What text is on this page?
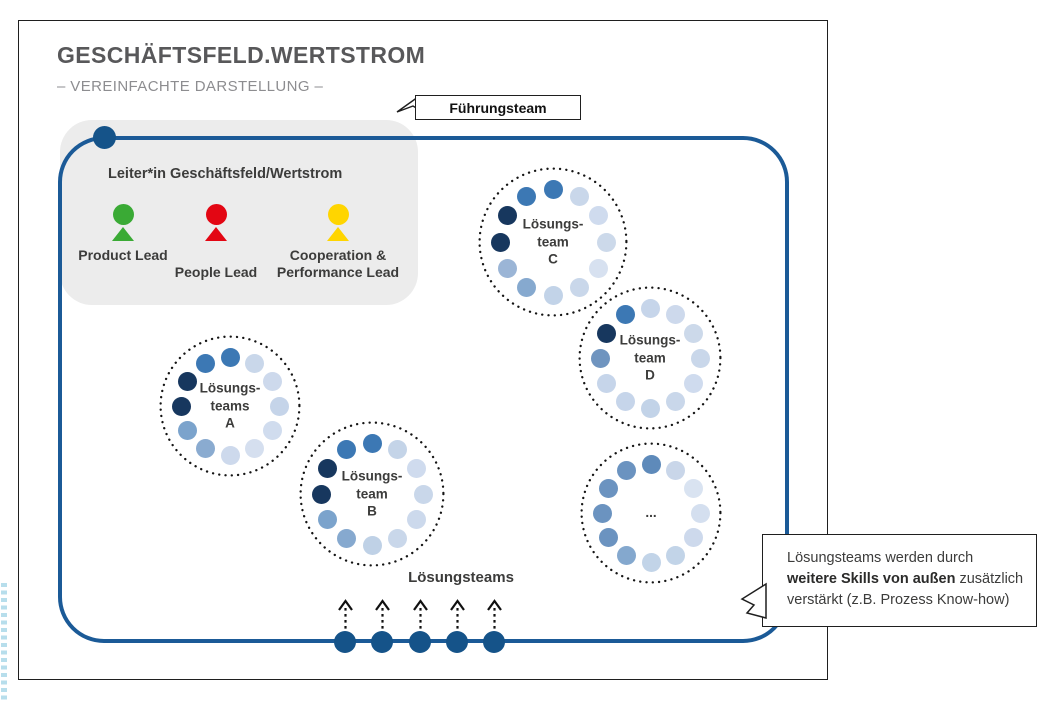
GESCHÄFTSFELD.WERTSTROM
– VEREINFACHTE DARSTELLUNG –
Führungsteam
Leiter*in Geschäftsfeld/Wertstrom
Product Lead
People Lead
Cooperation &
Performance Lead
Lösungs-
teams
A
Lösungs-
team
B
Lösungs-
team
C
Lösungs-
team
D
...
Lösungsteams
Lösungsteams werden durch
weitere Skills von außen zusätzlich
verstärkt (z.B. Prozess Know-how)
